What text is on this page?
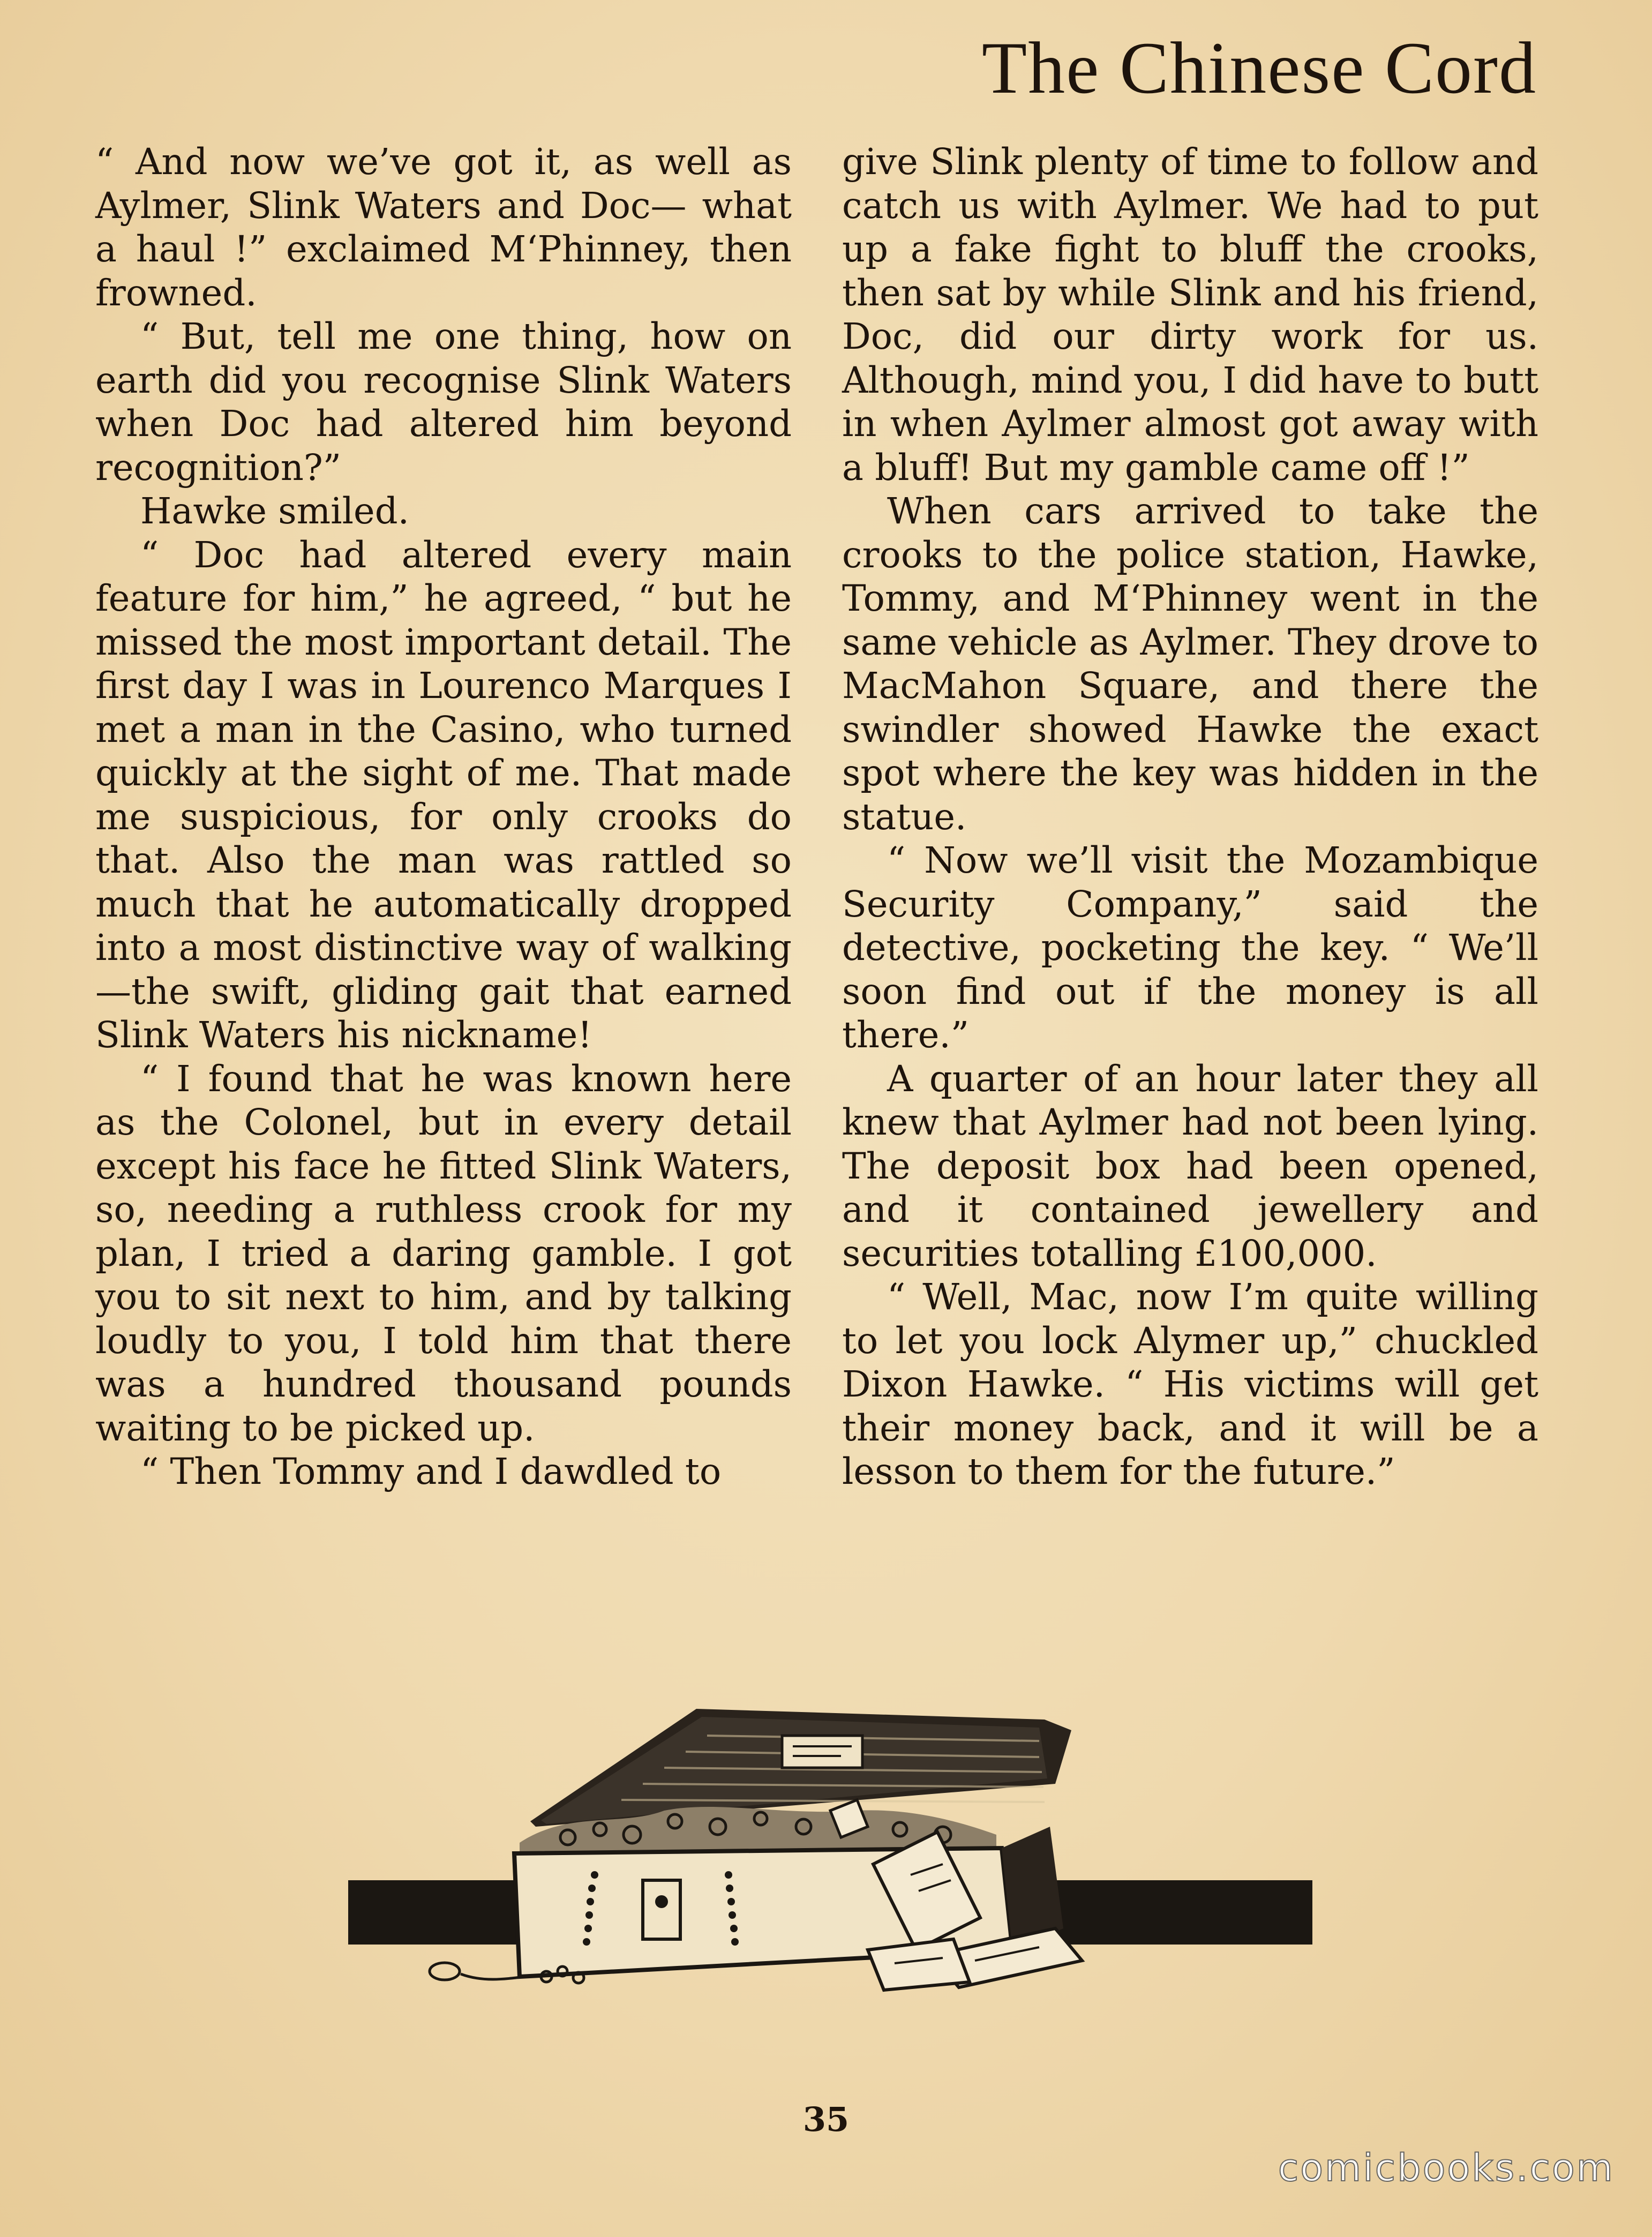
The Chinese Cord

“ And now we’ve got it, as well as Aylmer, Slink Waters and Doc— what a haul !” exclaimed M‘Phinney, then frowned.

“ But, tell me one thing, how on earth did you recognise Slink Waters when Doc had altered him beyond recognition?”

Hawke smiled.

“ Doc had altered every main feature for him,” he agreed, “ but he missed the most important detail. The first day I was in Lourenco Marques I met a man in the Casino, who turned quickly at the sight of me. That made me suspicious, for only crooks do that. Also the man was rattled so much that he automatically dropped into a most distinctive way of walking—the swift, gliding gait that earned Slink Waters his nickname!

“ I found that he was known here as the Colonel, but in every detail except his face he fitted Slink Waters, so, needing a ruthless crook for my plan, I tried a daring gamble. I got you to sit next to him, and by talking loudly to you, I told him that there was a hundred thousand pounds waiting to be picked up.

“ Then Tommy and I dawdled to

give Slink plenty of time to follow and catch us with Aylmer. We had to put up a fake fight to bluff the crooks, then sat by while Slink and his friend, Doc, did our dirty work for us. Although, mind you, I did have to butt in when Aylmer almost got away with a bluff! But my gamble came off !”

When cars arrived to take the crooks to the police station, Hawke, Tommy, and M‘Phinney went in the same vehicle as Aylmer. They drove to MacMahon Square, and there the swindler showed Hawke the exact spot where the key was hidden in the statue.

“ Now we’ll visit the Mozambique Security Company,” said the detective, pocketing the key. “ We’ll soon find out if the money is all there.”

A quarter of an hour later they all knew that Aylmer had not been lying. The deposit box had been opened, and it contained jewellery and securities totalling £100,000.

“ Well, Mac, now I’m quite willing to let you lock Alymer up,” chuckled Dixon Hawke. “ His victims will get their money back, and it will be a lesson to them for the future.”

35
comicbooks.com
